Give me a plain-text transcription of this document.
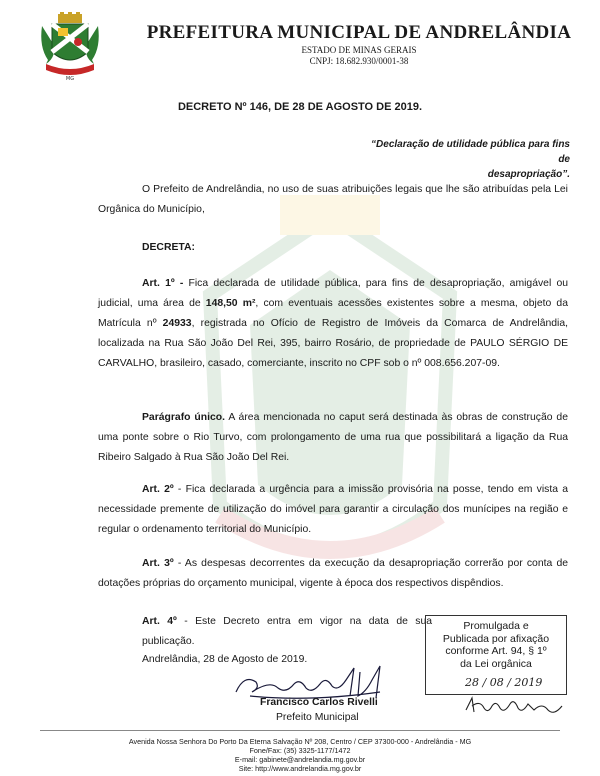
MG
PREFEITURA MUNICIPAL DE ANDRELÂNDIA
ESTADO DE MINAS GERAIS
CNPJ: 18.682.930/0001-38
DECRETO Nº 146, DE 28 DE AGOSTO DE 2019.
“Declaração de utilidade pública para fins de
desapropriação”.
O Prefeito de Andrelândia, no uso de suas atribuições legais que lhe são atribuídas pela Lei Orgânica do Município,
DECRETA:
Art. 1º - Fica declarada de utilidade pública, para fins de desapropriação, amigável ou judicial, uma área de 148,50 m², com eventuais acessões existentes sobre a mesma, objeto da Matrícula nº 24933, registrada no Ofício de Registro de Imóveis da Comarca de Andrelândia, localizada na Rua São João Del Rei, 395, bairro Rosário, de propriedade de PAULO SÉRGIO DE CARVALHO, brasileiro, casado, comerciante, inscrito no CPF sob o nº 008.656.207-09.
Parágrafo único. A área mencionada no caput será destinada às obras de construção de uma ponte sobre o Rio Turvo, com prolongamento de uma rua que possibilitará a ligação da Rua Ribeiro Salgado à Rua São João Del Rei.
Art. 2º - Fica declarada a urgência para a imissão provisória na posse, tendo em vista a necessidade premente de utilização do imóvel para garantir a circulação dos munícipes na região e regular o ordenamento territorial do Município.
Art. 3º - As despesas decorrentes da execução da desapropriação correrão por conta de dotações próprias do orçamento municipal, vigente à época dos respectivos dispêndios.
Art. 4º - Este Decreto entra em vigor na data de sua publicação.
Andrelândia, 28 de Agosto de 2019.
Promulgada e
Publicada por afixação
conforme Art. 94, § 1º
da Lei orgânica
28 / 08 / 2019
Francisco Carlos Rivelli
Prefeito Municipal
Avenida Nossa Senhora Do Porto Da Eterna Salvação Nº 208, Centro / CEP 37300-000 - Andrelândia - MG
Fone/Fax: (35) 3325-1177/1472
E-mail: gabinete@andrelandia.mg.gov.br
Site: http://www.andrelandia.mg.gov.br
